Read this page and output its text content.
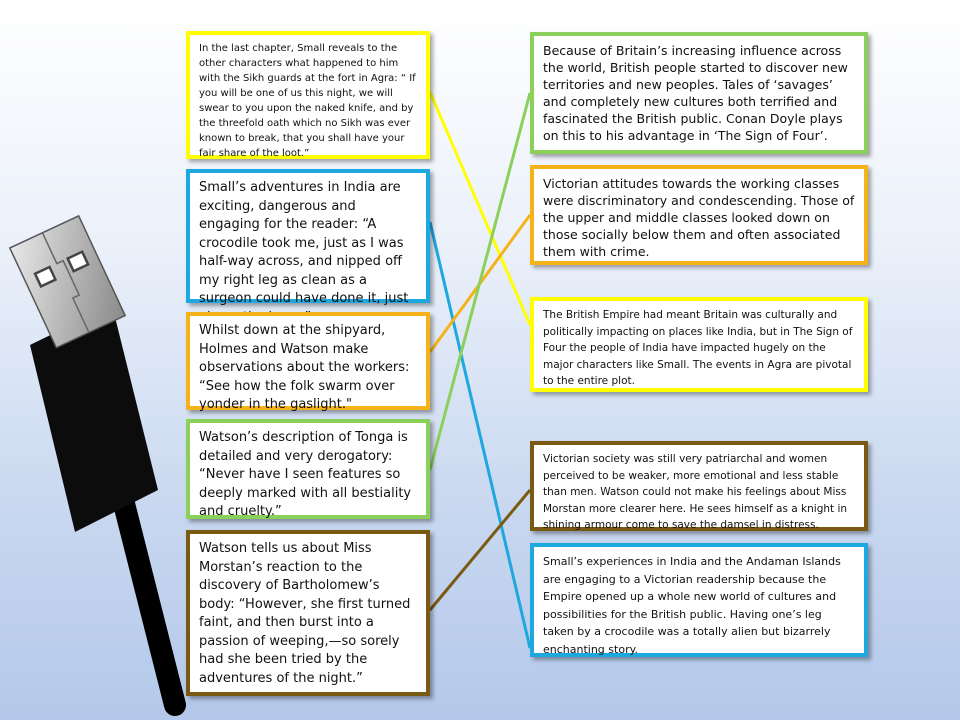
In the last chapter, Small reveals to the other characters what happened to him with the Sikh guards at the fort in Agra: “ If you will be one of us this night, we will swear to you upon the naked knife, and by the threefold oath which no Sikh was ever known to break, that you shall have your fair share of the loot.”
Small’s adventures in India are exciting, dangerous and engaging for the reader: “A crocodile took me, just as I was half-way across, and nipped off my right leg as clean as a surgeon could have done it, just
Whilst down at the shipyard, Holmes and Watson make observations about the workers: “See how the folk swarm over yonder in the gaslight."
Watson’s description of Tonga is detailed and very derogatory: “Never have I seen features so deeply marked with all bestiality and cruelty.”
Watson tells us about Miss Morstan’s reaction to the discovery of Bartholomew’s body: “However, she first turned faint, and then burst into a passion of weeping,—so sorely had she been tried by the adventures of the night.”
Because of Britain’s increasing influence across the world, British people started to discover new territories and new peoples. Tales of ‘savages’ and completely new cultures both terrified and fascinated the British public. Conan Doyle plays on this to his advantage in ‘The Sign of Four’.
Victorian attitudes towards the working classes were discriminatory and condescending. Those of the upper and middle classes looked down on those socially below them and often associated them with crime.
The British Empire had meant Britain was culturally and politically impacting on places like India, but in The Sign of Four the people of India have impacted hugely on the major characters like Small. The events in Agra are pivotal to the entire plot.
Victorian society was still very patriarchal and women perceived to be weaker, more emotional and less stable than men. Watson could not make his feelings about Miss Morstan more clearer here. He sees himself as a knight in shining armour come to save the damsel in distress.
Small’s experiences in India and the Andaman Islands are engaging to a Victorian readership because the Empire opened up a whole new world of cultures and possibilities for the British public. Having one’s leg taken by a crocodile was a totally alien but bizarrely enchanting story.
